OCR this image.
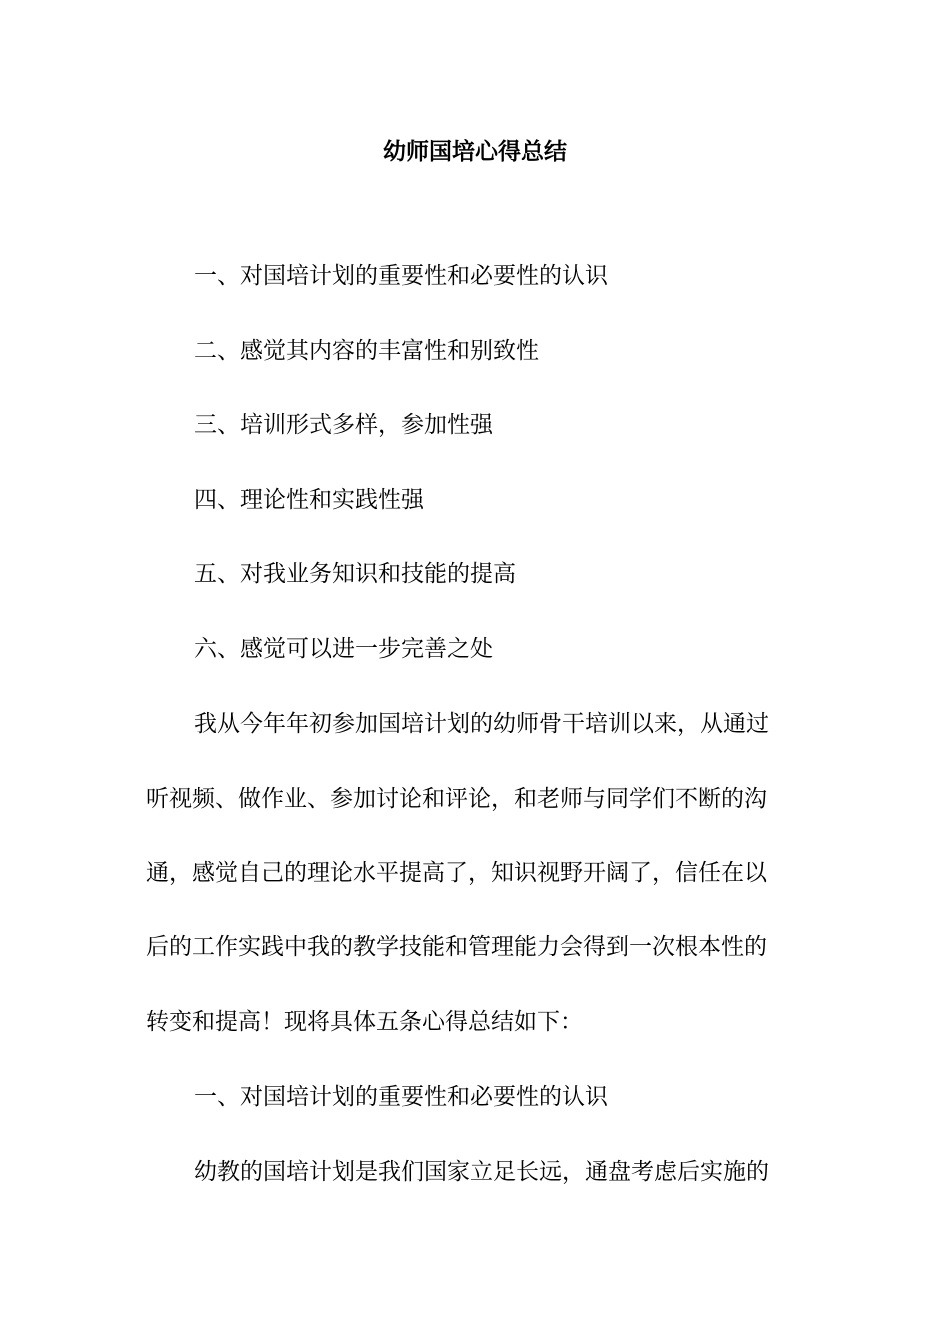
幼师国培心得总结
一、对国培计划的重要性和必要性的认识
二、感觉其内容的丰富性和别致性
三、培训形式多样，参加性强
四、理论性和实践性强
五、对我业务知识和技能的提高
六、感觉可以进一步完善之处
我从今年年初参加国培计划的幼师骨干培训以来，从通过
听视频、做作业、参加讨论和评论，和老师与同学们不断的沟
通，感觉自己的理论水平提高了，知识视野开阔了，信任在以
后的工作实践中我的教学技能和管理能力会得到一次根本性的
转变和提高！现将具体五条心得总结如下：
一、对国培计划的重要性和必要性的认识
幼教的国培计划是我们国家立足长远，通盘考虑后实施的
